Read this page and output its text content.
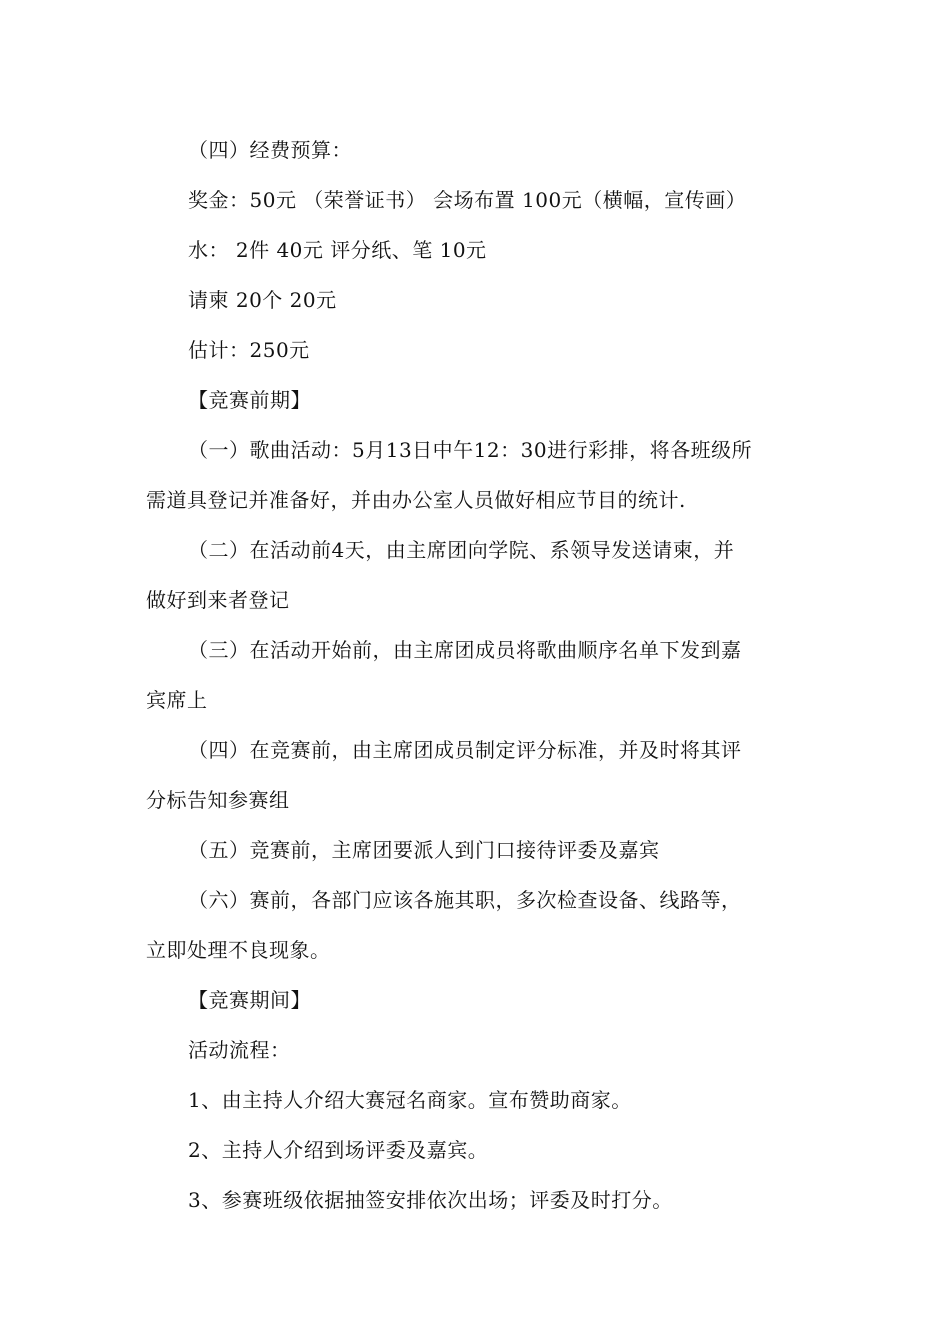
（四）经费预算：
奖金：50元 （荣誉证书） 会场布置 100元（横幅，宣传画）
水： 2件 40元 评分纸、笔 10元
请柬 20个 20元
估计：250元
【竞赛前期】
（一）歌曲活动：5月13日中午12：30进行彩排，将各班级所
需道具登记并准备好，并由办公室人员做好相应节目的统计.
（二）在活动前4天，由主席团向学院、系领导发送请柬，并
做好到来者登记
（三）在活动开始前，由主席团成员将歌曲顺序名单下发到嘉
宾席上
（四）在竞赛前，由主席团成员制定评分标准，并及时将其评
分标告知参赛组
（五）竞赛前，主席团要派人到门口接待评委及嘉宾
（六）赛前，各部门应该各施其职，多次检查设备、线路等，
立即处理不良现象。
【竞赛期间】
活动流程：
1、由主持人介绍大赛冠名商家。宣布赞助商家。
2、主持人介绍到场评委及嘉宾。
3、参赛班级依据抽签安排依次出场；评委及时打分。
